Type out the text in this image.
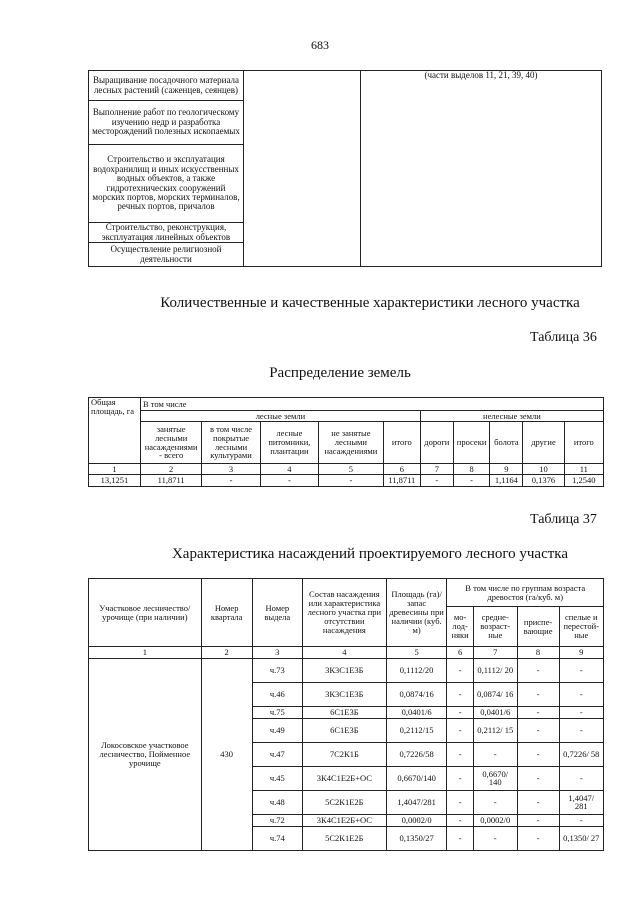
683
Выращивание посадочного материала лесных растений (саженцев, сеянцев)		(части выделов 11, 21, 39, 40)
Выполнение работ по геологическому изучению недр и разработка месторождений полезных ископаемых
Строительство и эксплуатация водохранилищ и иных искусственных водных объектов, а также гидротехнических сооружений морских портов, морских терминалов, речных портов, причалов
Строительство, реконструкция, эксплуатация линейных объектов
Осуществление религиозной деятельности
Количественные и качественные характеристики лесного участка
Таблица 36
Распределение земель
Общая площадь, га	В том числе									
	лесные земли					нелесные земли				
	занятые лесными насаждениями - всего	в том числе покрытые лесными культурами	лесные питомники, плантации	не занятые лесными насаждениями	итого	дороги	просеки	болота	другие	итого
1	2	3	4	5	6	7	8	9	10	11
13,1251	11,8711	-	-	-	11,8711	-	-	1,1164	0,1376	1,2540
Таблица 37
Характеристика насаждений проектируемого лесного участка
Участковое лесничество/ урочище (при наличии)	Номер квартала	Номер выдела	Состав насаждения или характеристика лесного участка при отсутствии насаждения	Площадь (га)/запас древесины при наличии (куб. м)	В том числе по группам возраста древостоя (га/куб. м)			
					мо-лод-няки	средне-возраст-ные	приспе-вающие	спелые и перестой-ные
1	2	3	4	5	6	7	8	9
Локосовское участковое лесничество, Пойменное урочище	430	ч.73	3К3С1Е3Б	0,1112/20	-	0,1112/ 20	-	-
		ч.46	3К3С1Е3Б	0,0874/16	-	0,0874/ 16	-	-
		ч.75	6С1Е3Б	0,0401/6	-	0,0401/6	-	-
		ч.49	6С1Е3Б	0,2112/15	-	0,2112/ 15	-	-
		ч.47	7С2К1Б	0,7226/58	-	-	-	0,7226/ 58
		ч.45	3К4С1Е2Б+ОС	0,6670/140	-	0,6670/ 140	-	-
		ч.48	5С2К1Е2Б	1,4047/281	-	-	-	1,4047/ 281
		ч.72	3К4С1Е2Б+ОС	0,0002/0	-	0,0002/0	-	-
		ч.74	5С2К1Е2Б	0,1350/27	-	-	-	0,1350/ 27
